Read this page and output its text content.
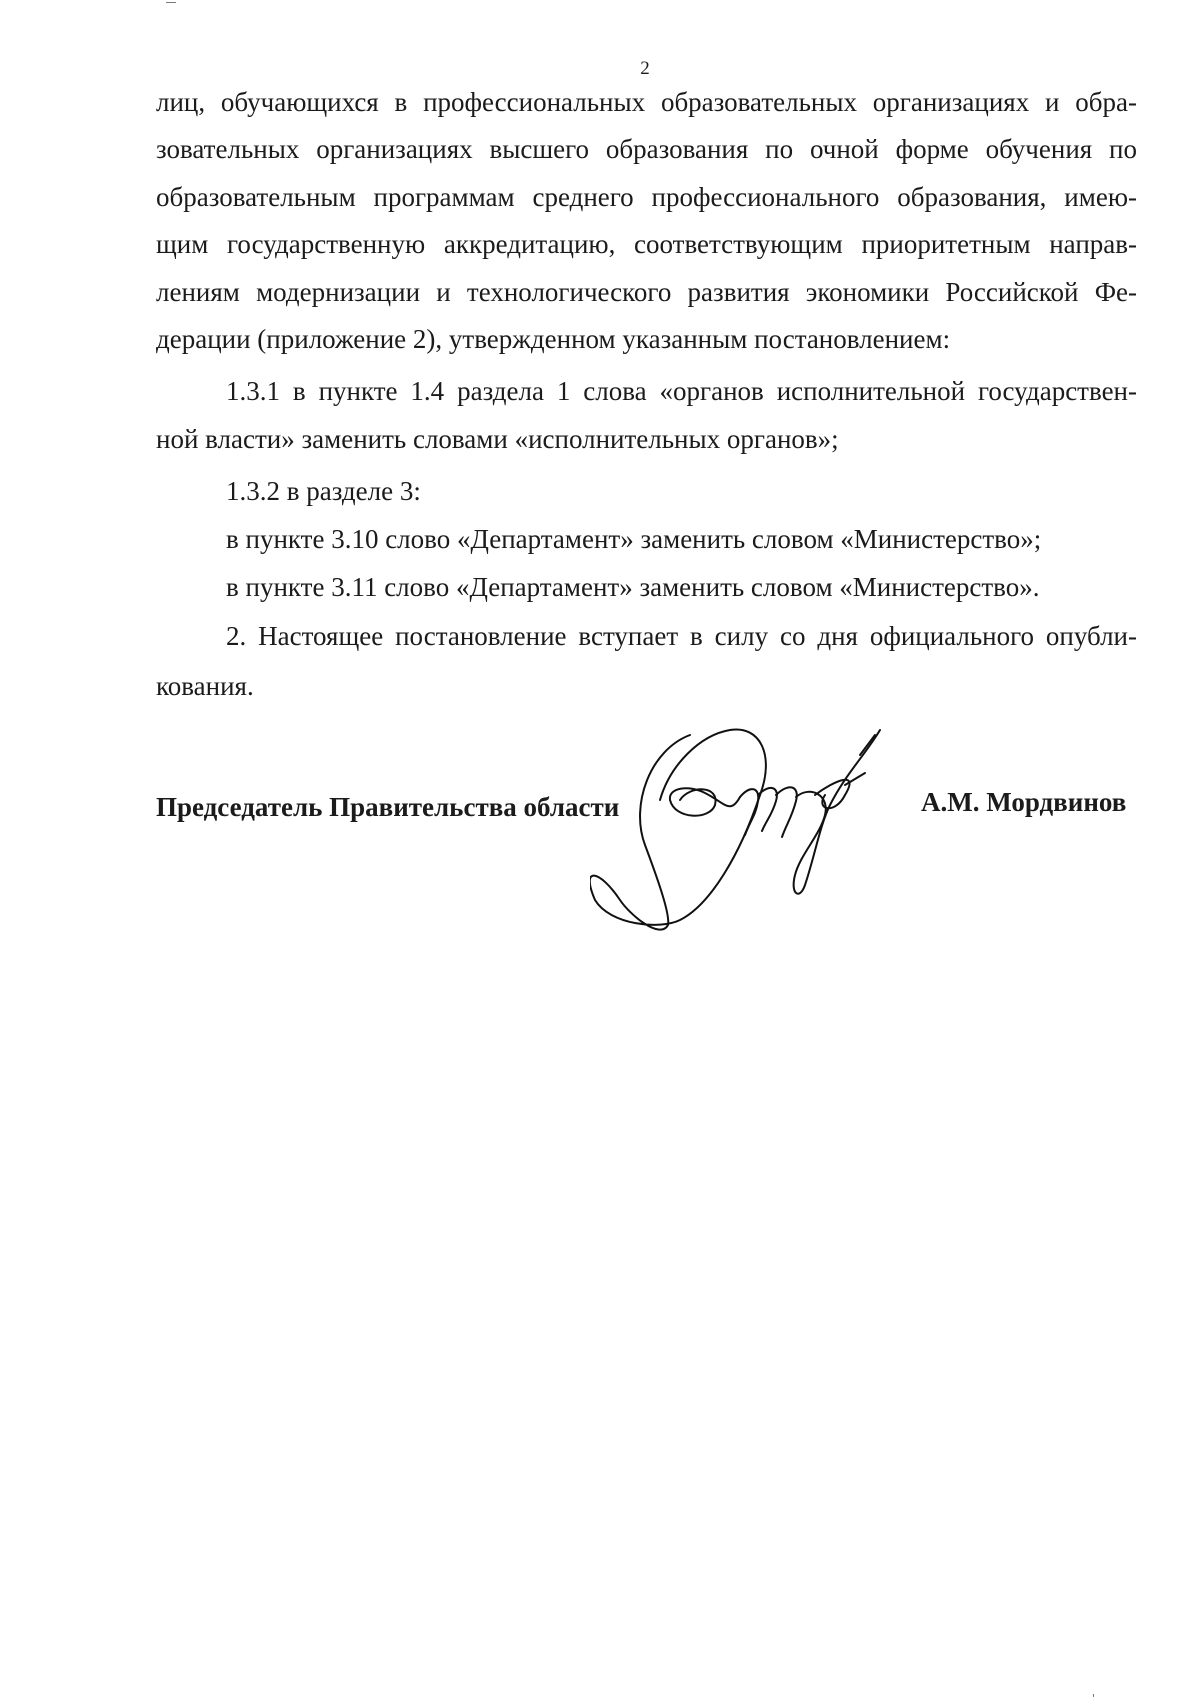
2
лиц, обучающихся в профессиональных образовательных организациях и обра-
зовательных организациях высшего образования по очной форме обучения по
образовательным программам среднего профессионального образования, имею-
щим государственную аккредитацию, соответствующим приоритетным направ-
лениям модернизации и технологического развития экономики Российской Фе-
дерации (приложение 2), утвержденном указанным постановлением:
1.3.1 в пункте 1.4 раздела 1 слова «органов исполнительной государствен-
ной власти» заменить словами «исполнительных органов»;
1.3.2 в разделе 3:
в пункте 3.10 слово «Департамент» заменить словом «Министерство»;
в пункте 3.11 слово «Департамент» заменить словом «Министерство».
2. Настоящее постановление вступает в силу со дня официального опубли-
кования.
Председатель Правительства области	А.М. Мордвинов
